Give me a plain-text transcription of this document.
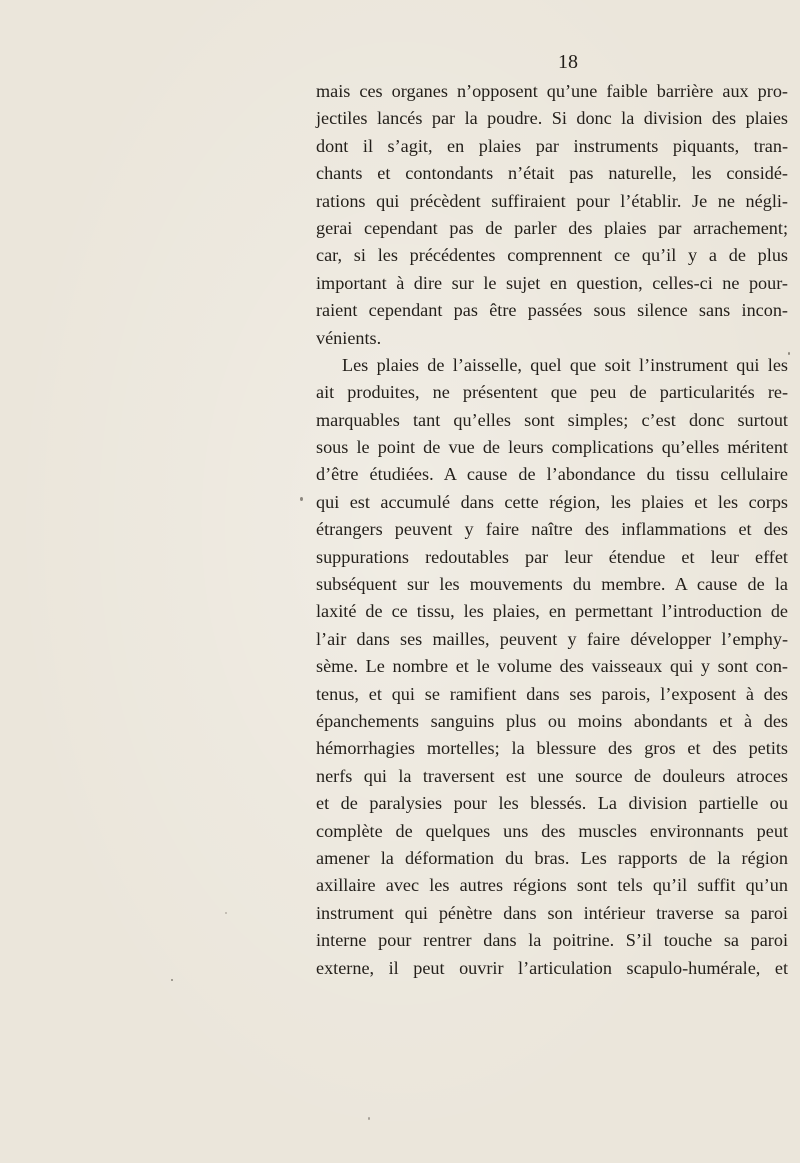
18
mais ces organes n’opposent qu’une faible barrière aux pro-
jectiles lancés par la poudre. Si donc la division des plaies
dont il s’agit, en plaies par instruments piquants, tran-
chants et contondants n’était pas naturelle, les considé-
rations qui précèdent suffiraient pour l’établir. Je ne négli-
gerai cependant pas de parler des plaies par arrachement;
car, si les précédentes comprennent ce qu’il y a de plus
important à dire sur le sujet en question, celles-ci ne pour-
raient cependant pas être passées sous silence sans incon-
vénients.
Les plaies de l’aisselle, quel que soit l’instrument qui les
ait produites, ne présentent que peu de particularités re-
marquables tant qu’elles sont simples; c’est donc surtout
sous le point de vue de leurs complications qu’elles méritent
d’être étudiées. A cause de l’abondance du tissu cellulaire
qui est accumulé dans cette région, les plaies et les corps
étrangers peuvent y faire naître des inflammations et des
suppurations redoutables par leur étendue et leur effet
subséquent sur les mouvements du membre. A cause de la
laxité de ce tissu, les plaies, en permettant l’introduction de
l’air dans ses mailles, peuvent y faire développer l’emphy-
sème. Le nombre et le volume des vaisseaux qui y sont con-
tenus, et qui se ramifient dans ses parois, l’exposent à des
épanchements sanguins plus ou moins abondants et à des
hémorrhagies mortelles; la blessure des gros et des petits
nerfs qui la traversent est une source de douleurs atroces
et de paralysies pour les blessés. La division partielle ou
complète de quelques uns des muscles environnants peut
amener la déformation du bras. Les rapports de la région
axillaire avec les autres régions sont tels qu’il suffit qu’un
instrument qui pénètre dans son intérieur traverse sa paroi
interne pour rentrer dans la poitrine. S’il touche sa paroi
externe, il peut ouvrir l’articulation scapulo-humérale, et
